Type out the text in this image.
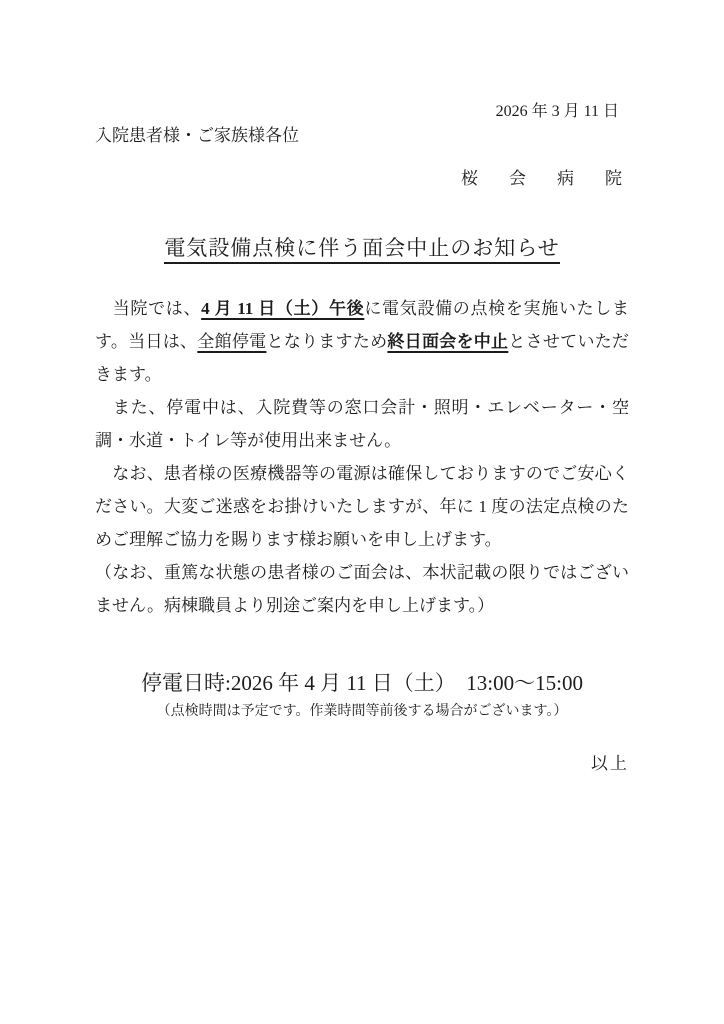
2026 年 3 月 11 日
入院患者様・ご家族様各位
桜　会　病　院
電気設備点検に伴う面会中止のお知らせ

　当院では、4 月 11 日（土）午後に電気設備の点検を実施いたします。当日は、全館停電となりますため終日面会を中止とさせていただきます。

　また、停電中は、入院費等の窓口会計・照明・エレベーター・空調・水道・トイレ等が使用出来ません。

　なお、患者様の医療機器等の電源は確保しておりますのでご安心ください。大変ご迷惑をお掛けいたしますが、年に 1 度の法定点検のためご理解ご協力を賜ります様お願いを申し上げます。

（なお、重篤な状態の患者様のご面会は、本状記載の限りではございません。病棟職員より別途ご案内を申し上げます。）

停電日時:2026 年 4 月 11 日（土）　13:00～15:00
（点検時間は予定です。作業時間等前後する場合がございます。）
以上
